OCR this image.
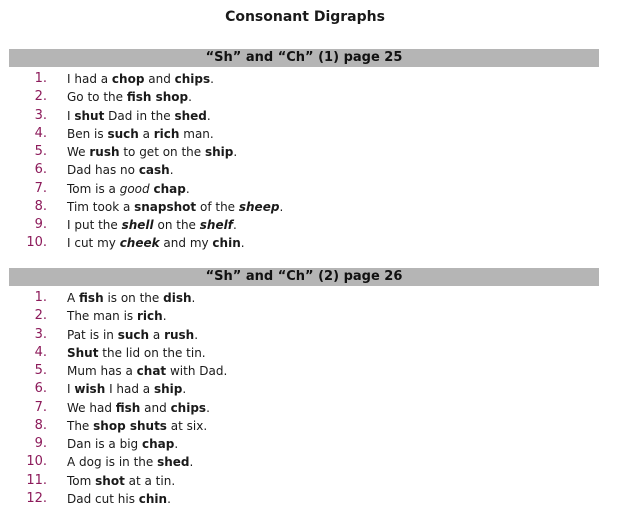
Consonant Digraphs
“Sh” and “Ch” (1) page 25
1. I had a chop and chips.
2. Go to the fish shop.
3. I shut Dad in the shed.
4. Ben is such a rich man.
5. We rush to get on the ship.
6. Dad has no cash.
7. Tom is a good chap.
8. Tim took a snapshot of the sheep.
9. I put the shell on the shelf.
10. I cut my cheek and my chin.
“Sh” and “Ch” (2) page 26
1. A fish is on the dish.
2. The man is rich.
3. Pat is in such a rush.
4. Shut the lid on the tin.
5. Mum has a chat with Dad.
6. I wish I had a ship.
7. We had fish and chips.
8. The shop shuts at six.
9. Dan is a big chap.
10. A dog is in the shed.
11. Tom shot at a tin.
12. Dad cut his chin.
